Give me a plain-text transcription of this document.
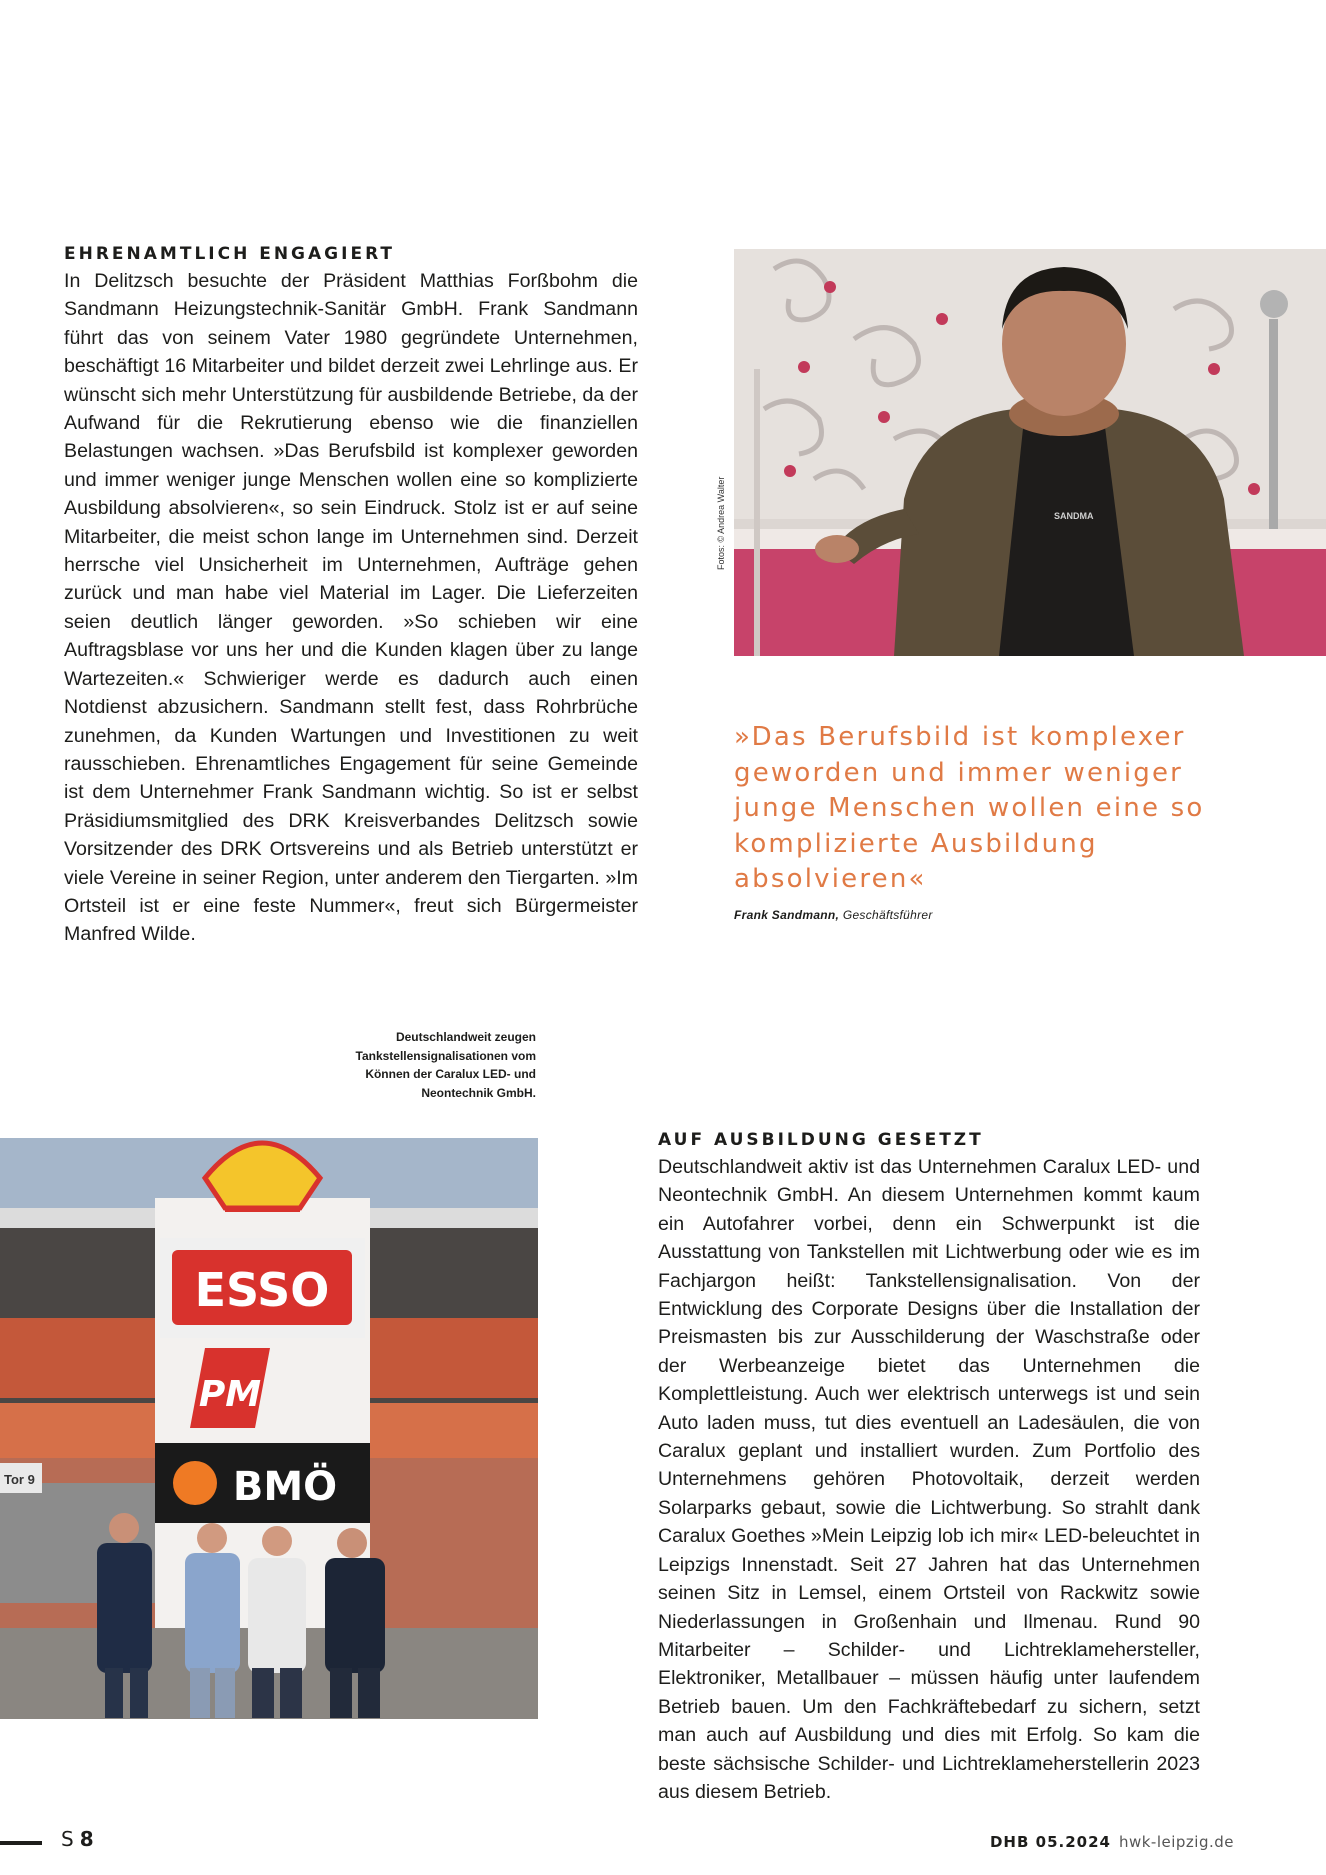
EHRENAMTLICH ENGAGIERT

In Delitzsch besuchte der Präsident Matthias Forßbohm die Sandmann Heizungstechnik-Sanitär GmbH. Frank Sandmann führt das von seinem Vater 1980 gegründete Unternehmen, beschäftigt 16 Mitarbeiter und bildet derzeit zwei Lehrlinge aus. Er wünscht sich mehr Unterstützung für ausbildende Betriebe, da der Aufwand für die Rekrutierung ebenso wie die finanziellen Belastungen wachsen. »Das Berufsbild ist komplexer geworden und immer weniger junge Menschen wollen eine so komplizierte Ausbildung absolvieren«, so sein Eindruck. Stolz ist er auf seine Mitarbeiter, die meist schon lange im Unternehmen sind. Derzeit herrsche viel Unsicherheit im Unternehmen, Aufträge gehen zurück und man habe viel Material im Lager. Die Lieferzeiten seien deutlich länger geworden. »So schieben wir eine Auftragsblase vor uns her und die Kunden klagen über zu lange Wartezeiten.« Schwieriger werde es dadurch auch einen Notdienst abzusichern. Sandmann stellt fest, dass Rohrbrüche zunehmen, da Kunden Wartungen und Investitionen zu weit rausschieben. Ehrenamtliches Engagement für seine Gemeinde ist dem Unternehmer Frank Sandmann wichtig. So ist er selbst Präsidiumsmitglied des DRK Kreisverbandes Delitzsch sowie Vorsitzender des DRK Ortsvereins und als Betrieb unterstützt er viele Vereine in seiner Region, unter anderem den Tiergarten. »Im Ortsteil ist er eine feste Nummer«, freut sich Bürgermeister Manfred Wilde.

SANDMA
Fotos: © Andrea Walter

»Das Berufsbild ist komplexer geworden und immer weniger junge Menschen wollen eine so komplizierte Ausbildung absolvieren«

Frank Sandmann, Geschäftsführer
Deutschlandweit zeugen Tankstellensignalisationen vom Können der Caralux LED- und Neontechnik GmbH.
Tor 9
ESSO
PM
BMÖ
AUF AUSBILDUNG GESETZT

Deutschlandweit aktiv ist das Unternehmen Caralux LED- und Neontechnik GmbH. An diesem Unternehmen kommt kaum ein Autofahrer vorbei, denn ein Schwerpunkt ist die Ausstattung von Tankstellen mit Lichtwerbung oder wie es im Fachjargon heißt: Tankstellensignalisation. Von der Entwicklung des Corporate Designs über die Installation der Preismasten bis zur Ausschilderung der Waschstraße oder der Werbeanzeige bietet das Unternehmen die Komplettleistung. Auch wer elektrisch unterwegs ist und sein Auto laden muss, tut dies eventuell an Ladesäulen, die von Caralux geplant und installiert wurden. Zum Portfolio des Unternehmens gehören Photovoltaik, derzeit werden Solarparks gebaut, sowie die Lichtwerbung. So strahlt dank Caralux Goethes »Mein Leipzig lob ich mir« LED-beleuchtet in Leipzigs Innenstadt. Seit 27 Jahren hat das Unternehmen seinen Sitz in Lemsel, einem Ortsteil von Rackwitz sowie Niederlassungen in Großenhain und Ilmenau. Rund 90 Mitarbeiter – Schilder- und Lichtreklamehersteller, Elektroniker, Metallbauer – müssen häufig unter laufendem Betrieb bauen. Um den Fachkräftebedarf zu sichern, setzt man auch auf Ausbildung und dies mit Erfolg. So kam die beste sächsische Schilder- und Lichtreklameherstellerin 2023 aus diesem Betrieb.

S 8	DHB 05.2024 hwk-leipzig.de
